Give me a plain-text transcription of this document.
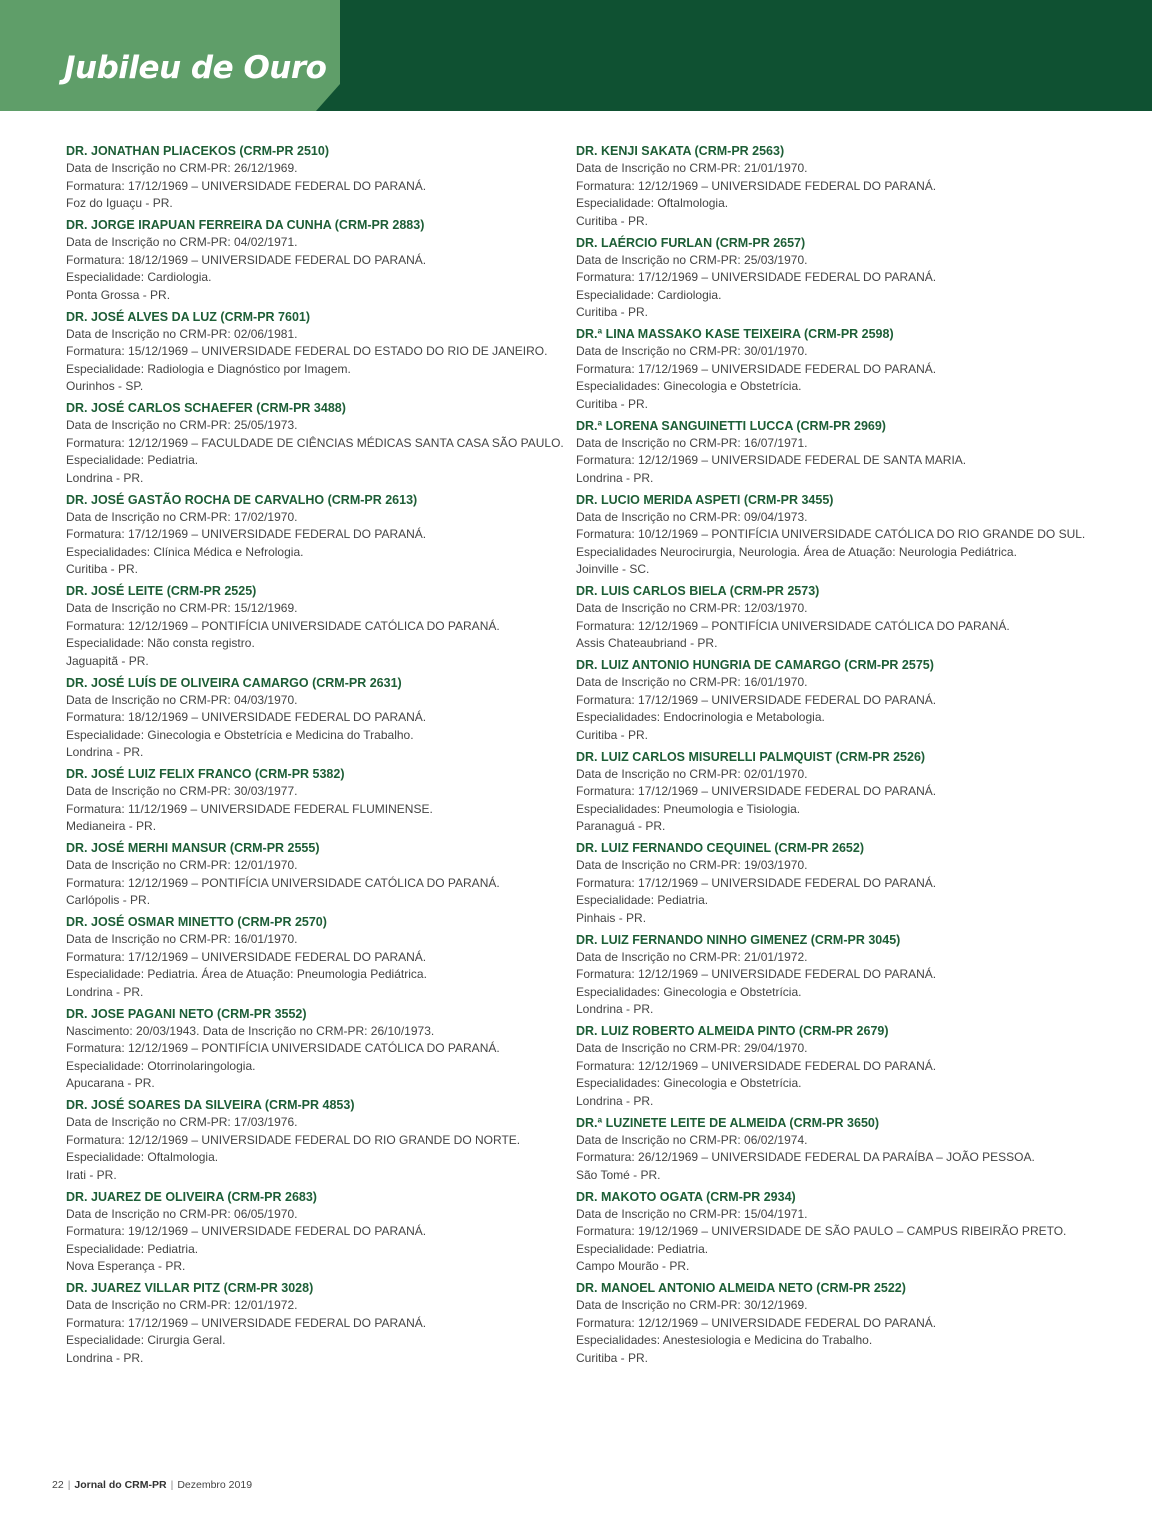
Jubileu de Ouro
DR. JONATHAN PLIACEKOS (CRM-PR 2510)
Data de Inscrição no CRM-PR: 26/12/1969.
Formatura: 17/12/1969 – UNIVERSIDADE FEDERAL DO PARANÁ.
Foz do Iguaçu - PR.
DR. JORGE IRAPUAN FERREIRA DA CUNHA (CRM-PR 2883)
Data de Inscrição no CRM-PR: 04/02/1971.
Formatura: 18/12/1969 – UNIVERSIDADE FEDERAL DO PARANÁ.
Especialidade: Cardiologia.
Ponta Grossa - PR.
DR. JOSÉ ALVES DA LUZ (CRM-PR 7601)
Data de Inscrição no CRM-PR: 02/06/1981.
Formatura: 15/12/1969 – UNIVERSIDADE FEDERAL DO ESTADO DO RIO DE JANEIRO.
Especialidade: Radiologia e Diagnóstico por Imagem.
Ourinhos - SP.
DR. JOSÉ CARLOS SCHAEFER (CRM-PR 3488)
Data de Inscrição no CRM-PR: 25/05/1973.
Formatura: 12/12/1969 – FACULDADE DE CIÊNCIAS MÉDICAS SANTA CASA SÃO PAULO.
Especialidade: Pediatria.
Londrina - PR.
DR. JOSÉ GASTÃO ROCHA DE CARVALHO (CRM-PR 2613)
Data de Inscrição no CRM-PR: 17/02/1970.
Formatura: 17/12/1969 – UNIVERSIDADE FEDERAL DO PARANÁ.
Especialidades: Clínica Médica e Nefrologia.
Curitiba - PR.
DR. JOSÉ LEITE (CRM-PR 2525)
Data de Inscrição no CRM-PR: 15/12/1969.
Formatura: 12/12/1969 – PONTIFÍCIA UNIVERSIDADE CATÓLICA DO PARANÁ.
Especialidade: Não consta registro.
Jaguapitã - PR.
DR. JOSÉ LUÍS DE OLIVEIRA CAMARGO (CRM-PR 2631)
Data de Inscrição no CRM-PR: 04/03/1970.
Formatura: 18/12/1969 – UNIVERSIDADE FEDERAL DO PARANÁ.
Especialidade: Ginecologia e Obstetrícia e Medicina do Trabalho.
Londrina - PR.
DR. JOSÉ LUIZ FELIX FRANCO (CRM-PR 5382)
Data de Inscrição no CRM-PR: 30/03/1977.
Formatura: 11/12/1969 – UNIVERSIDADE FEDERAL FLUMINENSE.
Medianeira - PR.
DR. JOSÉ MERHI MANSUR (CRM-PR 2555)
Data de Inscrição no CRM-PR: 12/01/1970.
Formatura: 12/12/1969 – PONTIFÍCIA UNIVERSIDADE CATÓLICA DO PARANÁ.
Carlópolis - PR.
DR. JOSÉ OSMAR MINETTO (CRM-PR 2570)
Data de Inscrição no CRM-PR: 16/01/1970.
Formatura: 17/12/1969 – UNIVERSIDADE FEDERAL DO PARANÁ.
Especialidade: Pediatria. Área de Atuação: Pneumologia Pediátrica.
Londrina - PR.
DR. JOSE PAGANI NETO (CRM-PR 3552)
Nascimento: 20/03/1943. Data de Inscrição no CRM-PR: 26/10/1973.
Formatura: 12/12/1969 – PONTIFÍCIA UNIVERSIDADE CATÓLICA DO PARANÁ.
Especialidade: Otorrinolaringologia.
Apucarana - PR.
DR. JOSÉ SOARES DA SILVEIRA (CRM-PR 4853)
Data de Inscrição no CRM-PR: 17/03/1976.
Formatura: 12/12/1969 – UNIVERSIDADE FEDERAL DO RIO GRANDE DO NORTE.
Especialidade: Oftalmologia.
Irati - PR.
DR. JUAREZ DE OLIVEIRA (CRM-PR 2683)
Data de Inscrição no CRM-PR: 06/05/1970.
Formatura: 19/12/1969 – UNIVERSIDADE FEDERAL DO PARANÁ.
Especialidade: Pediatria.
Nova Esperança - PR.
DR. JUAREZ VILLAR PITZ (CRM-PR 3028)
Data de Inscrição no CRM-PR: 12/01/1972.
Formatura: 17/12/1969 – UNIVERSIDADE FEDERAL DO PARANÁ.
Especialidade: Cirurgia Geral.
Londrina - PR.
DR. KENJI SAKATA (CRM-PR 2563)
Data de Inscrição no CRM-PR: 21/01/1970.
Formatura: 12/12/1969 – UNIVERSIDADE FEDERAL DO PARANÁ.
Especialidade: Oftalmologia.
Curitiba - PR.
DR. LAÉRCIO FURLAN (CRM-PR 2657)
Data de Inscrição no CRM-PR: 25/03/1970.
Formatura: 17/12/1969 – UNIVERSIDADE FEDERAL DO PARANÁ.
Especialidade: Cardiologia.
Curitiba - PR.
DR.ª LINA MASSAKO KASE TEIXEIRA (CRM-PR 2598)
Data de Inscrição no CRM-PR: 30/01/1970.
Formatura: 17/12/1969 – UNIVERSIDADE FEDERAL DO PARANÁ.
Especialidades: Ginecologia e Obstetrícia.
Curitiba - PR.
DR.ª LORENA SANGUINETTI LUCCA (CRM-PR 2969)
Data de Inscrição no CRM-PR: 16/07/1971.
Formatura: 12/12/1969 – UNIVERSIDADE FEDERAL DE SANTA MARIA.
Londrina - PR.
DR. LUCIO MERIDA ASPETI (CRM-PR 3455)
Data de Inscrição no CRM-PR: 09/04/1973.
Formatura: 10/12/1969 – PONTIFÍCIA UNIVERSIDADE CATÓLICA DO RIO GRANDE DO SUL.
Especialidades Neurocirurgia, Neurologia. Área de Atuação: Neurologia Pediátrica.
Joinville - SC.
DR. LUIS CARLOS BIELA (CRM-PR 2573)
Data de Inscrição no CRM-PR: 12/03/1970.
Formatura: 12/12/1969 – PONTIFÍCIA UNIVERSIDADE CATÓLICA DO PARANÁ.
Assis Chateaubriand - PR.
DR. LUIZ ANTONIO HUNGRIA DE CAMARGO (CRM-PR 2575)
Data de Inscrição no CRM-PR: 16/01/1970.
Formatura: 17/12/1969 – UNIVERSIDADE FEDERAL DO PARANÁ.
Especialidades: Endocrinologia e Metabologia.
Curitiba - PR.
DR. LUIZ CARLOS MISURELLI PALMQUIST (CRM-PR 2526)
Data de Inscrição no CRM-PR: 02/01/1970.
Formatura: 17/12/1969 – UNIVERSIDADE FEDERAL DO PARANÁ.
Especialidades: Pneumologia e Tisiologia.
Paranaguá - PR.
DR. LUIZ FERNANDO CEQUINEL (CRM-PR 2652)
Data de Inscrição no CRM-PR: 19/03/1970.
Formatura: 17/12/1969 – UNIVERSIDADE FEDERAL DO PARANÁ.
Especialidade: Pediatria.
Pinhais - PR.
DR. LUIZ FERNANDO NINHO GIMENEZ (CRM-PR 3045)
Data de Inscrição no CRM-PR: 21/01/1972.
Formatura: 12/12/1969 – UNIVERSIDADE FEDERAL DO PARANÁ.
Especialidades: Ginecologia e Obstetrícia.
Londrina - PR.
DR. LUIZ ROBERTO ALMEIDA PINTO (CRM-PR 2679)
Data de Inscrição no CRM-PR: 29/04/1970.
Formatura: 12/12/1969 – UNIVERSIDADE FEDERAL DO PARANÁ.
Especialidades: Ginecologia e Obstetrícia.
Londrina - PR.
DR.ª LUZINETE LEITE DE ALMEIDA (CRM-PR 3650)
Data de Inscrição no CRM-PR: 06/02/1974.
Formatura: 26/12/1969 – UNIVERSIDADE FEDERAL DA PARAÍBA – JOÃO PESSOA.
São Tomé - PR.
DR. MAKOTO OGATA (CRM-PR 2934)
Data de Inscrição no CRM-PR: 15/04/1971.
Formatura: 19/12/1969 – UNIVERSIDADE DE SÃO PAULO – CAMPUS RIBEIRÃO PRETO.
Especialidade: Pediatria.
Campo Mourão - PR.
DR. MANOEL ANTONIO ALMEIDA NETO (CRM-PR 2522)
Data de Inscrição no CRM-PR: 30/12/1969.
Formatura: 12/12/1969 – UNIVERSIDADE FEDERAL DO PARANÁ.
Especialidades: Anestesiologia e Medicina do Trabalho.
Curitiba - PR.
22 | Jornal do CRM-PR | Dezembro 2019
